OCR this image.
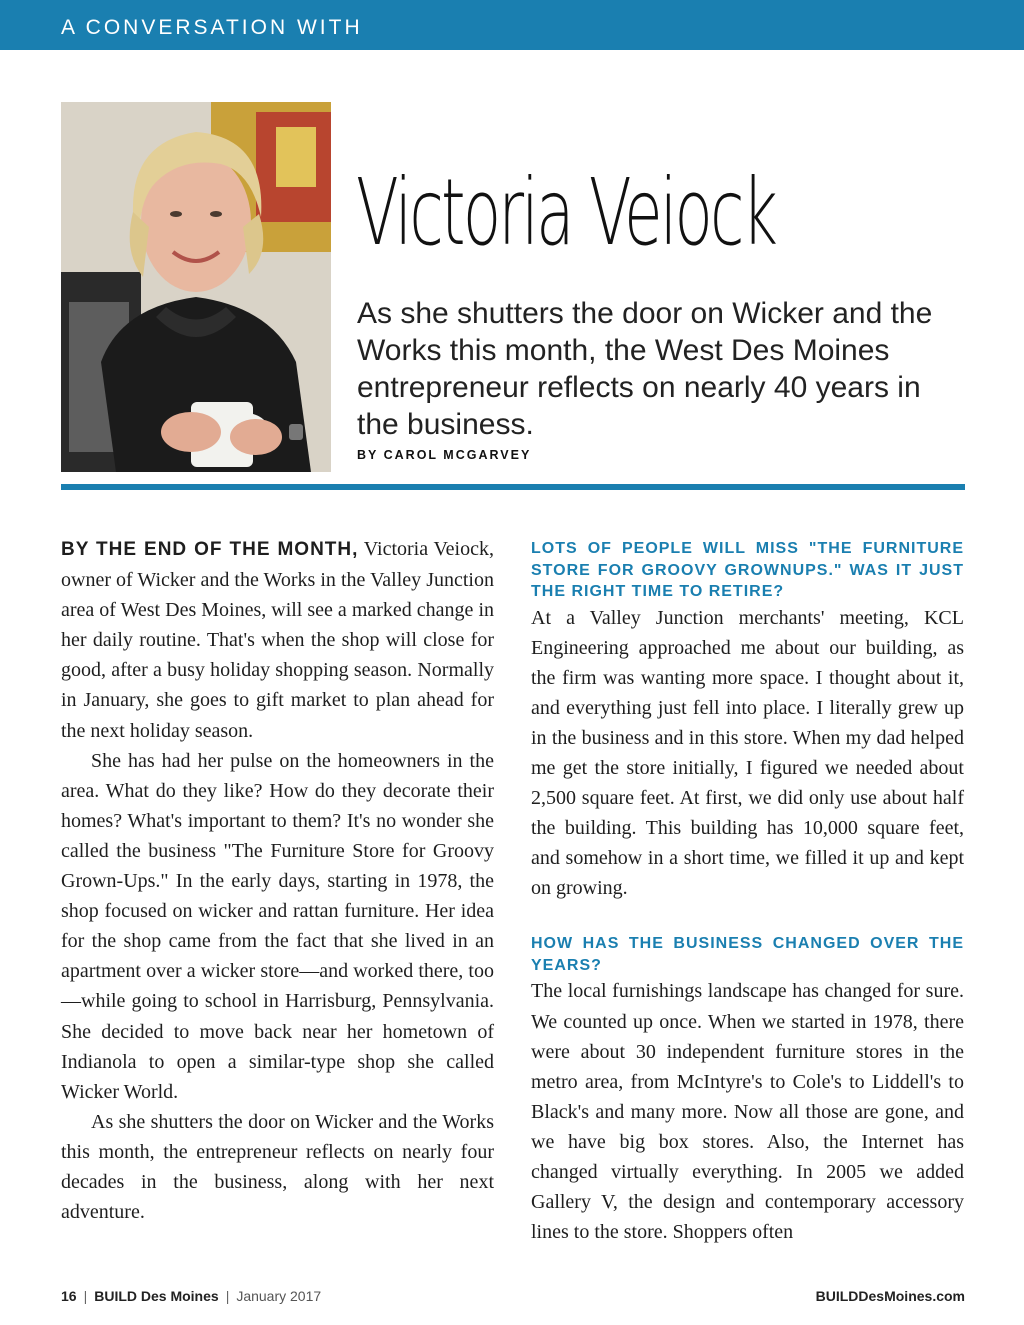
A CONVERSATION WITH
Victoria Veiock
As she shutters the door on Wicker and the Works this month, the West Des Moines entrepreneur reflects on nearly 40 years in the business.
BY CAROL MCGARVEY

BY THE END OF THE MONTH, Victoria Veiock, owner of Wicker and the Works in the Valley Junction area of West Des Moines, will see a marked change in her daily routine. That's when the shop will close for good, after a busy holiday shopping season. Normally in January, she goes to gift market to plan ahead for the next holiday season.

She has had her pulse on the homeowners in the area. What do they like? How do they decorate their homes? What's important to them? It's no wonder she called the business "The Furniture Store for Groovy Grown-Ups." In the early days, starting in 1978, the shop focused on wicker and rattan furniture. Her idea for the shop came from the fact that she lived in an apartment over a wicker store—and worked there, too—while going to school in Harrisburg, Pennsylvania. She decided to move back near her hometown of Indianola to open a similar-type shop she called Wicker World.

As she shutters the door on Wicker and the Works this month, the entrepreneur reflects on nearly four decades in the business, along with her next adventure.

LOTS OF PEOPLE WILL MISS "THE FURNITURE STORE FOR GROOVY GROWNUPS." WAS IT JUST THE RIGHT TIME TO RETIRE?

At a Valley Junction merchants' meeting, KCL Engineering approached me about our building, as the firm was wanting more space. I thought about it, and everything just fell into place. I literally grew up in the business and in this store. When my dad helped me get the store initially, I figured we needed about 2,500 square feet. At first, we did only use about half the building. This building has 10,000 square feet, and somehow in a short time, we filled it up and kept on growing.

HOW HAS THE BUSINESS CHANGED OVER THE YEARS?

The local furnishings landscape has changed for sure. We counted up once. When we started in 1978, there were about 30 independent furniture stores in the metro area, from McIntyre's to Cole's to Liddell's to Black's and many more. Now all those are gone, and we have big box stores. Also, the Internet has changed virtually everything. In 2005 we added Gallery V, the design and contemporary accessory lines to the store. Shoppers often

16 | BUILD Des Moines | January 2017	BUILDDesMoines.com
